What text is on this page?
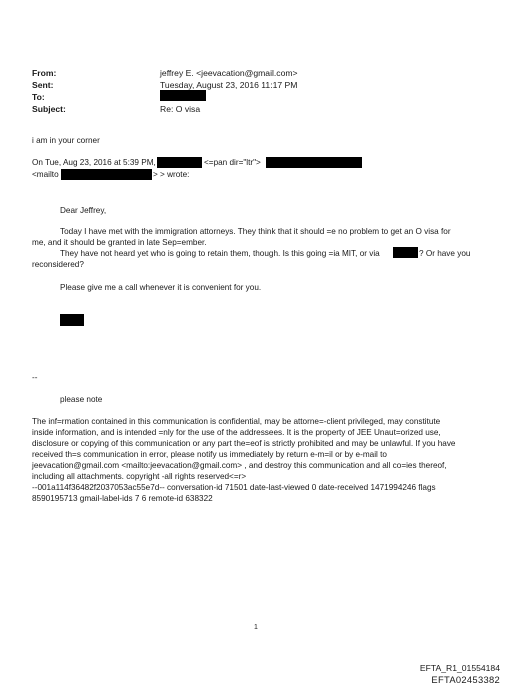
From:	jeffrey E. <jeevacation@gmail.com>
Sent:	Tuesday, August 23, 2016 11:17 PM
To:
Subject:	Re: O visa
i am in your corner
On Tue, Aug 23, 2016 at 5:39 PM,	<=pan dir="ltr">
<mailto	> > wrote:
Dear Jeffrey,
Today I have met with the immigration attorneys. They think that it should =e no problem to get an O visa for
me, and it should be granted in late Sep=ember.
They have not heard yet who is going to retain them, though. Is this going =ia MIT, or via	? Or have you
reconsidered?
Please give me a call whenever it is convenient for you.
--
please note
The inf=rmation contained in this communication is confidential, may be attorne=-client privileged, may constitute
inside information, and is intended =nly for the use of the addressees. It is the property of JEE Unaut=orized use,
disclosure or copying of this communication or any part the=eof is strictly prohibited and may be unlawful. If you have
received th=s communication in error, please notify us immediately by return e-m=il or by e-mail to
jeevacation@gmail.com <mailto:jeevacation@gmail.com> , and destroy this communication and all co=ies thereof,
including all attachments. copyright -all rights reserved<=r>
--001a114f36482f2037053ac55e7d-- conversation-id 71501 date-last-viewed 0 date-received 1471994246 flags
8590195713 gmail-label-ids 7 6 remote-id 638322
1
EFTA_R1_01554184
EFTA02453382
